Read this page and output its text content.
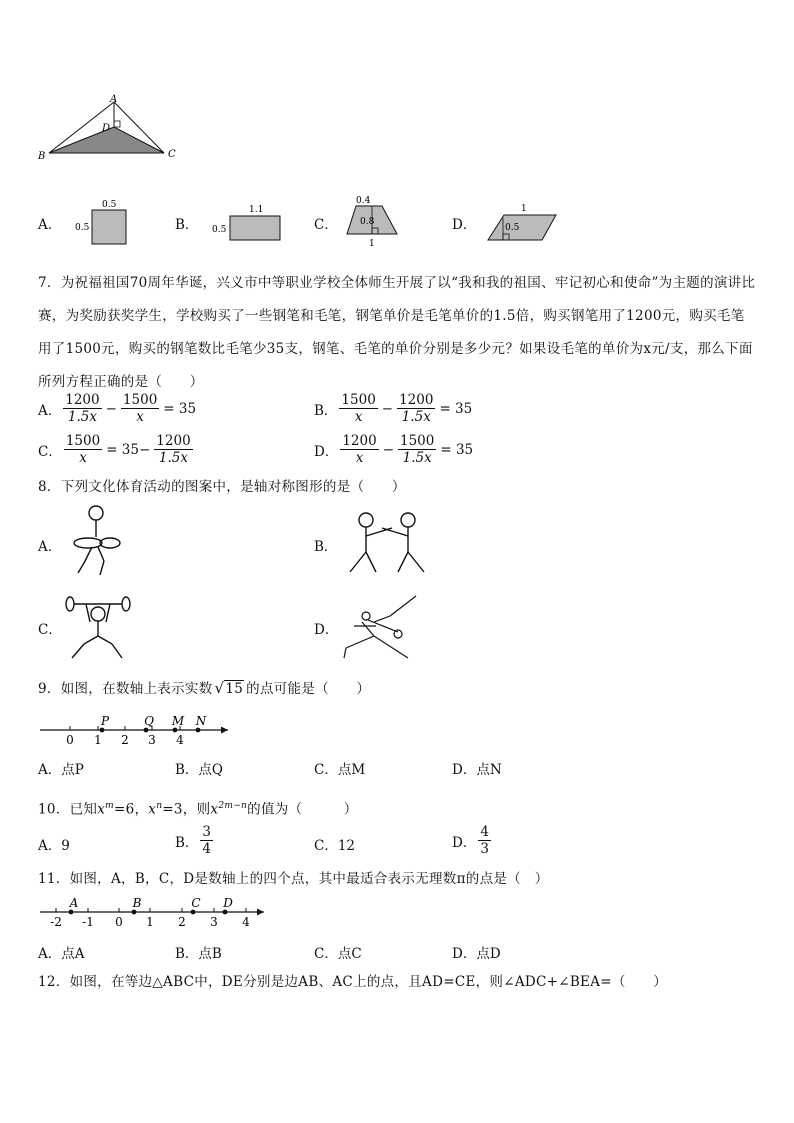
A
D
B	C
A．
0.5
0.5	B．
1.1
0.5	C．
0.4
0.8
1
D．
1
0.5
7．为祝福祖国70周年华诞，兴义市中等职业学校全体师生开展了以“我和我的祖国、牢记初心和使命”为主题的演讲比赛，为奖励获奖学生，学校购买了一些钢笔和毛笔，钢笔单价是毛笔单价的1.5倍，购买钢笔用了1200元，购买毛笔用了1500元，购买的钢笔数比毛笔少35支，钢笔、毛笔的单价分别是多少元？如果设毛笔的单价为x元/支，那么下面所列方程正确的是（　　）
A． $\frac{1200}{1.5x} - \frac{1500}{x} = 35$	B． $\frac{1500}{x} - \frac{1200}{1.5x} = 35$
C． $\frac{1500}{x} = 35- \frac{1200}{1.5x}$	D． $\frac{1200}{x} - \frac{1500}{1.5x} = 35$
8．下列文化体育活动的图案中，是轴对称图形的是（　　）
A．	B．
C．	D．
9．如图，在数轴上表示实数 √15 的点可能是（　　）
0 1 2 3 4
P	Q M N
A．点P	B．点Q	C．点M	D．点N
10．已知$x^m=6$，$x^n=3$，则$x^{2m-n}$的值为（　　　）
A．9	B． $\frac{3}{4}$	C．12	D． $\frac{4}{3}$
11．如图，A，B，C，D是数轴上的四个点，其中最适合表示无理数π的点是（　）
-2 -1 0 1 2 3 4
A	B	C D
A．点A	B．点B	C．点C	D．点D
12．如图，在等边△ABC中，DE分别是边AB、AC上的点，且AD=CE，则∠ADC+∠BEA=（　　）
